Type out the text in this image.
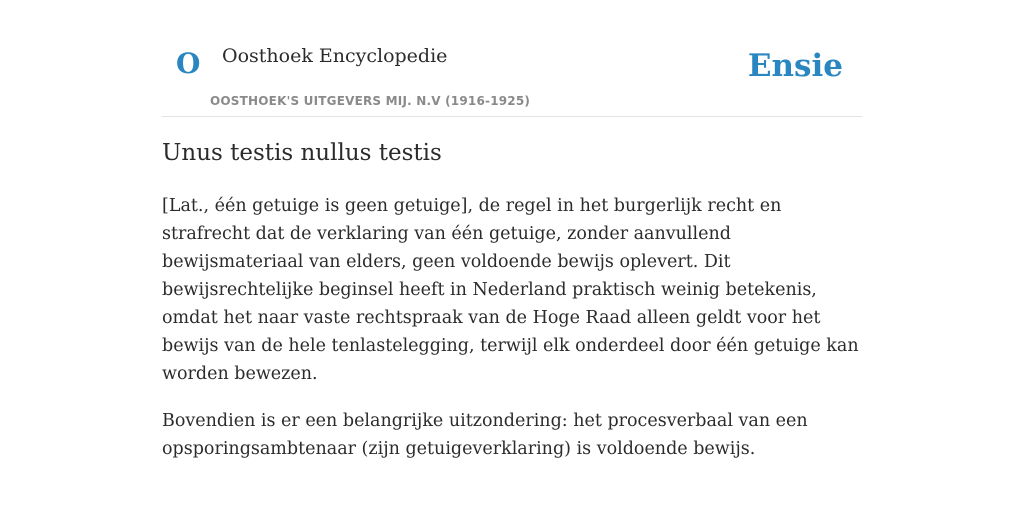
O Oosthoek Encyclopedie
OOSTHOEK'S UITGEVERS MIJ. N.V (1916-1925)
Ensie
Unus testis nullus testis

[Lat., één getuige is geen getuige], de regel in het burgerlijk recht en strafrecht dat de verklaring van één getuige, zonder aanvullend bewijsmateriaal van elders, geen voldoende bewijs oplevert. Dit bewijsrechtelijke beginsel heeft in Nederland praktisch weinig betekenis, omdat het naar vaste rechtspraak van de Hoge Raad alleen geldt voor het bewijs van de hele tenlastelegging, terwijl elk onderdeel door één getuige kan worden bewezen.

Bovendien is er een belangrijke uitzondering: het procesverbaal van een opsporingsambtenaar (zijn getuigeverklaring) is voldoende bewijs.
